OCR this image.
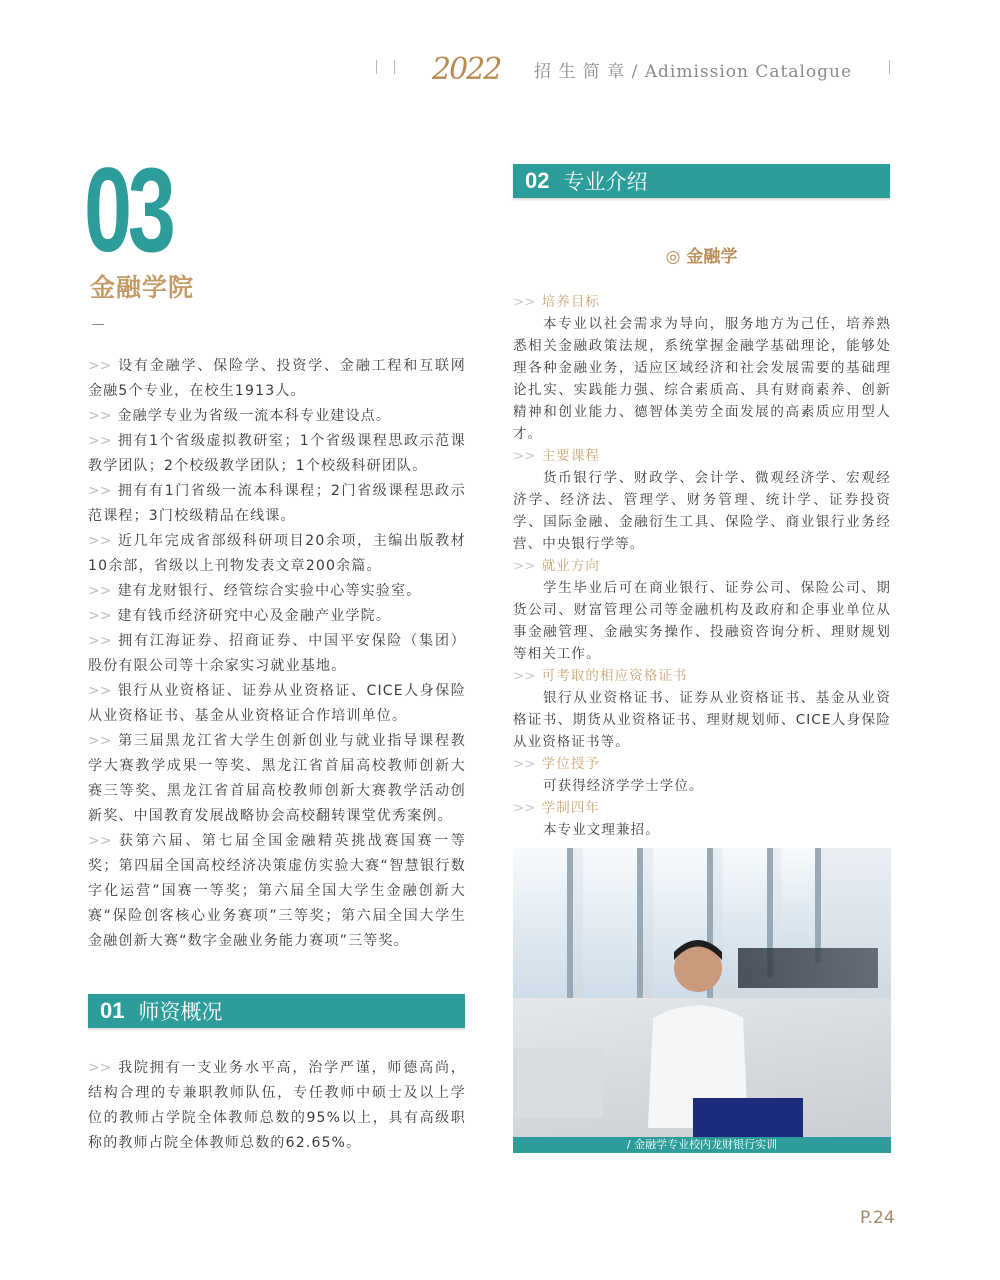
2022 招 生 简 章 / Adimission Catalogue
03
金融学院

>> 设有金融学、保险学、投资学、金融工程和互联网金融5个专业，在校生1913人。

>> 金融学专业为省级一流本科专业建设点。

>> 拥有1个省级虚拟教研室；1个省级课程思政示范课教学团队；2个校级教学团队；1个校级科研团队。

>> 拥有有1门省级一流本科课程；2门省级课程思政示范课程；3门校级精品在线课。

>> 近几年完成省部级科研项目20余项，主编出版教材10余部，省级以上刊物发表文章200余篇。

>> 建有龙财银行、经管综合实验中心等实验室。

>> 建有钱币经济研究中心及金融产业学院。

>> 拥有江海证券、招商证券、中国平安保险（集团）股份有限公司等十余家实习就业基地。

>> 银行从业资格证、证券从业资格证、CICE人身保险从业资格证书、基金从业资格证合作培训单位。

>> 第三届黑龙江省大学生创新创业与就业指导课程教学大赛教学成果一等奖、黑龙江省首届高校教师创新大赛三等奖、黑龙江省首届高校教师创新大赛教学活动创新奖、中国教育发展战略协会高校翻转课堂优秀案例。

>> 获第六届、第七届全国金融精英挑战赛国赛一等奖；第四届全国高校经济决策虚仿实验大赛“智慧银行数字化运营”国赛一等奖；第六届全国大学生金融创新大赛“保险创客核心业务赛项”三等奖；第六届全国大学生金融创新大赛“数字金融业务能力赛项”三等奖。

01 师资概况
>> 我院拥有一支业务水平高，治学严谨，师德高尚，结构合理的专兼职教师队伍，专任教师中硕士及以上学位的教师占学院全体教师总数的95%以上，具有高级职称的教师占院全体教师总数的62.65%。
02 专业介绍
◎ 金融学

>> 培养目标

本专业以社会需求为导向，服务地方为己任，培养熟悉相关金融政策法规，系统掌握金融学基础理论，能够处理各种金融业务，适应区域经济和社会发展需要的基础理论扎实、实践能力强、综合素质高、具有财商素养、创新精神和创业能力、德智体美劳全面发展的高素质应用型人才。

>> 主要课程

货币银行学、财政学、会计学、微观经济学、宏观经济学、经济法、管理学、财务管理、统计学、证券投资学、国际金融、金融衍生工具、保险学、商业银行业务经营、中央银行学等。

>> 就业方向

学生毕业后可在商业银行、证券公司、保险公司、期货公司、财富管理公司等金融机构及政府和企事业单位从事金融管理、金融实务操作、投融资咨询分析、理财规划等相关工作。

>> 可考取的相应资格证书

银行从业资格证书、证券从业资格证书、基金从业资格证书、期货从业资格证书、理财规划师、CICE人身保险从业资格证书等。

>> 学位授予

可获得经济学学士学位。

>> 学制四年

本专业文理兼招。

/ 金融学专业校内龙财银行实训
P.24
